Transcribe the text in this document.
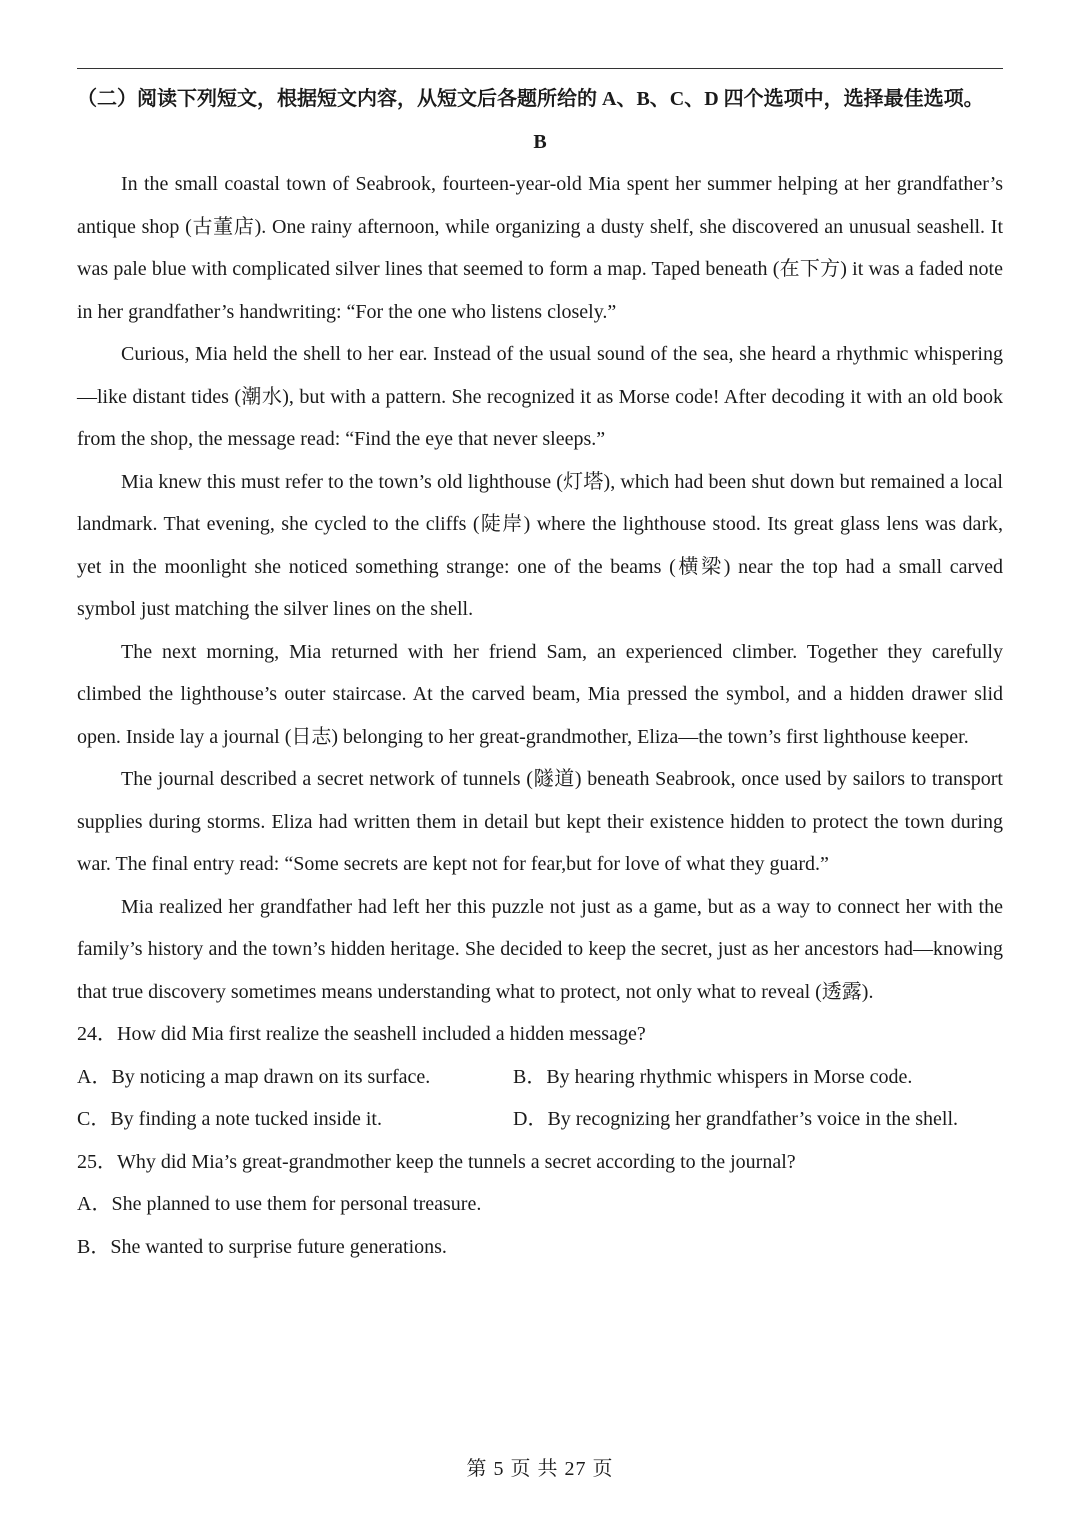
（二）阅读下列短文，根据短文内容，从短文后各题所给的 A、B、C、D 四个选项中，选择最佳选项。

B

In the small coastal town of Seabrook, fourteen-year-old Mia spent her summer helping at her grandfather’s antique shop (古董店). One rainy afternoon, while organizing a dusty shelf, she discovered an unusual seashell. It was pale blue with complicated silver lines that seemed to form a map. Taped beneath (在下方) it was a faded note in her grandfather’s handwriting: “For the one who listens closely.”

Curious, Mia held the shell to her ear. Instead of the usual sound of the sea, she heard a rhythmic whispering—like distant tides (潮水), but with a pattern. She recognized it as Morse code! After decoding it with an old book from the shop, the message read: “Find the eye that never sleeps.”

Mia knew this must refer to the town’s old lighthouse (灯塔), which had been shut down but remained a local landmark. That evening, she cycled to the cliffs (陡岸) where the lighthouse stood. Its great glass lens was dark, yet in the moonlight she noticed something strange: one of the beams (横梁) near the top had a small carved symbol just matching the silver lines on the shell.

The next morning, Mia returned with her friend Sam, an experienced climber. Together they carefully climbed the lighthouse’s outer staircase. At the carved beam, Mia pressed the symbol, and a hidden drawer slid open. Inside lay a journal (日志) belonging to her great-grandmother, Eliza—the town’s first lighthouse keeper.

The journal described a secret network of tunnels (隧道) beneath Seabrook, once used by sailors to transport supplies during storms. Eliza had written them in detail but kept their existence hidden to protect the town during war. The final entry read: “Some secrets are kept not for fear,but for love of what they guard.”

Mia realized her grandfather had left her this puzzle not just as a game, but as a way to connect her with the family’s history and the town’s hidden heritage. She decided to keep the secret, just as her ancestors had—knowing that true discovery sometimes means understanding what to protect, not only what to reveal (透露).

24．How did Mia first realize the seashell included a hidden message?

A．By noticing a map drawn on its surface.	B．By hearing rhythmic whispers in Morse code.
C．By finding a note tucked inside it.	D．By recognizing her grandfather’s voice in the shell.

25．Why did Mia’s great-grandmother keep the tunnels a secret according to the journal?

A．She planned to use them for personal treasure.

B．She wanted to surprise future generations.

第 5 页 共 27 页
